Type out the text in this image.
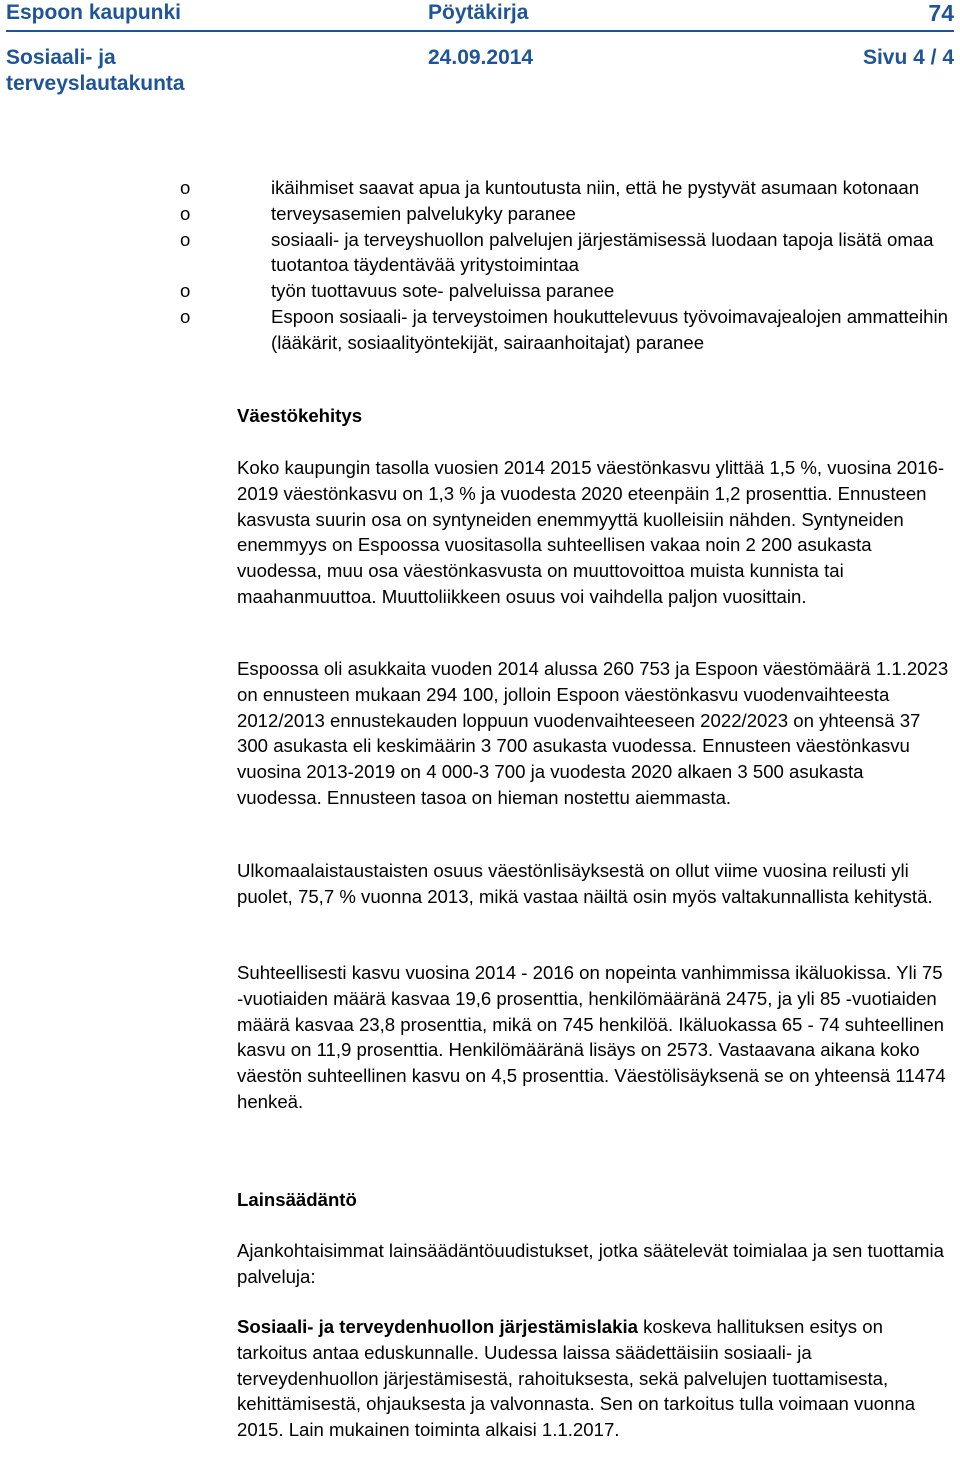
Espoon kaupunki	Pöytäkirja	74
Sosiaali- ja terveyslautakunta
24.09.2014	Sivu 4 / 4
o	ikäihmiset saavat apua ja kuntoutusta niin, että he pystyvät asumaan kotonaan
o	terveysasemien palvelukyky paranee
o	sosiaali- ja terveyshuollon palvelujen järjestämisessä luodaan tapoja lisätä omaa tuotantoa täydentävää yritystoimintaa
o	työn tuottavuus sote- palveluissa paranee
o	Espoon sosiaali- ja terveystoimen houkuttelevuus työvoimavajealojen ammatteihin (lääkärit, sosiaalityöntekijät, sairaanhoitajat) paranee
Väestökehitys

Koko kaupungin tasolla vuosien 2014 2015 väestönkasvu ylittää 1,5 %, vuosina 2016-2019 väestönkasvu on 1,3 % ja vuodesta 2020 eteenpäin 1,2 prosenttia. Ennusteen kasvusta suurin osa on syntyneiden enemmyyttä kuolleisiin nähden. Syntyneiden enemmyys on Espoossa vuositasolla suhteellisen vakaa noin 2 200 asukasta vuodessa, muu osa väestönkasvusta on muuttovoittoa muista kunnista tai maahanmuuttoa. Muuttoliikkeen osuus voi vaihdella paljon vuosittain.

Espoossa oli asukkaita vuoden 2014 alussa 260 753 ja Espoon väestömäärä 1.1.2023 on ennusteen mukaan 294 100, jolloin Espoon väestönkasvu vuodenvaihteesta 2012/2013 ennustekauden loppuun vuodenvaihteeseen 2022/2023 on yhteensä 37 300 asukasta eli keskimäärin 3 700 asukasta vuodessa. Ennusteen väestönkasvu vuosina 2013-2019 on 4 000-3 700 ja vuodesta 2020 alkaen 3 500 asukasta vuodessa. Ennusteen tasoa on hieman nostettu aiemmasta.

Ulkomaalaistaustaisten osuus väestönlisäyksestä on ollut viime vuosina reilusti yli puolet, 75,7 % vuonna 2013, mikä vastaa näiltä osin myös valtakunnallista kehitystä.

Suhteellisesti kasvu vuosina 2014 - 2016 on nopeinta vanhimmissa ikäluokissa. Yli 75 -vuotiaiden määrä kasvaa 19,6 prosenttia, henkilömääränä 2475, ja yli 85 -vuotiaiden määrä kasvaa 23,8 prosenttia, mikä on 745 henkilöä. Ikäluokassa 65 - 74 suhteellinen kasvu on 11,9 prosenttia. Henkilömääränä lisäys on 2573. Vastaavana aikana koko väestön suhteellinen kasvu on 4,5 prosenttia. Väestölisäyksenä se on yhteensä 11474 henkeä.

Lainsäädäntö

Ajankohtaisimmat lainsäädäntöuudistukset, jotka säätelevät toimialaa ja sen tuottamia palveluja:

Sosiaali- ja terveydenhuollon järjestämislakia koskeva hallituksen esitys on tarkoitus antaa eduskunnalle. Uudessa laissa säädettäisiin sosiaali- ja terveydenhuollon järjestämisestä, rahoituksesta, sekä palvelujen tuottamisesta, kehittämisestä, ohjauksesta ja valvonnasta. Sen on tarkoitus tulla voimaan vuonna 2015. Lain mukainen toiminta alkaisi 1.1.2017.
